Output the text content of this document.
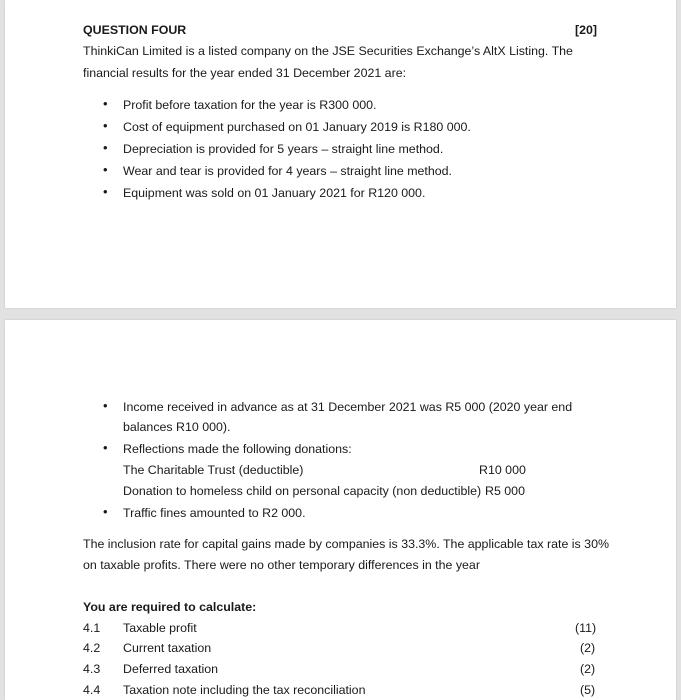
QUESTION FOUR	[20]
ThinkiCan Limited is a listed company on the JSE Securities Exchange’s AltX Listing. The
financial results for the year ended 31 December 2021 are:
• Profit before taxation for the year is R300 000.
• Cost of equipment purchased on 01 January 2019 is R180 000.
• Depreciation is provided for 5 years – straight line method.
• Wear and tear is provided for 4 years – straight line method.
• Equipment was sold on 01 January 2021 for R120 000.
• Income received in advance as at 31 December 2021 was R5 000 (2020 year end
balances R10 000).
• Reflections made the following donations:
The Charitable Trust (deductible)	R10 000
Donation to homeless child on personal capacity (non deductible) R5 000
• Traffic fines amounted to R2 000.
The inclusion rate for capital gains made by companies is 33.3%. The applicable tax rate is 30%
on taxable profits. There were no other temporary differences in the year
You are required to calculate:
4.1 Taxable profit	(11)
4.2 Current taxation	(2)
4.3 Deferred taxation	(2)
4.4 Taxation note including the tax reconciliation	(5)
